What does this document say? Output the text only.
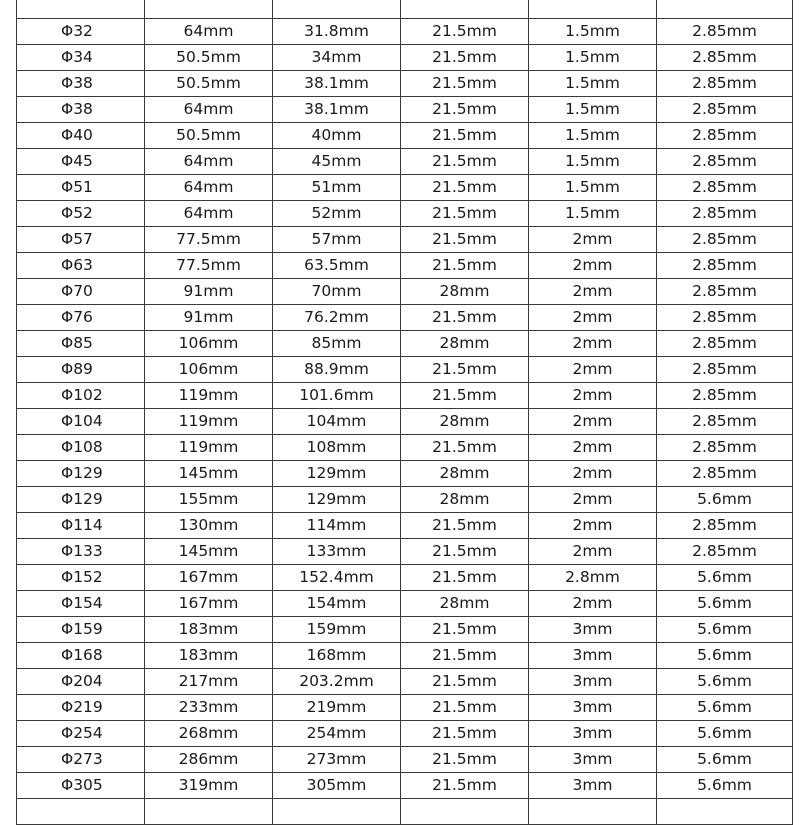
Φ32	64mm	31.8mm	21.5mm	1.5mm	2.85mm
Φ34	50.5mm	34mm	21.5mm	1.5mm	2.85mm
Φ38	50.5mm	38.1mm	21.5mm	1.5mm	2.85mm
Φ38	64mm	38.1mm	21.5mm	1.5mm	2.85mm
Φ40	50.5mm	40mm	21.5mm	1.5mm	2.85mm
Φ45	64mm	45mm	21.5mm	1.5mm	2.85mm
Φ51	64mm	51mm	21.5mm	1.5mm	2.85mm
Φ52	64mm	52mm	21.5mm	1.5mm	2.85mm
Φ57	77.5mm	57mm	21.5mm	2mm	2.85mm
Φ63	77.5mm	63.5mm	21.5mm	2mm	2.85mm
Φ70	91mm	70mm	28mm	2mm	2.85mm
Φ76	91mm	76.2mm	21.5mm	2mm	2.85mm
Φ85	106mm	85mm	28mm	2mm	2.85mm
Φ89	106mm	88.9mm	21.5mm	2mm	2.85mm
Φ102	119mm	101.6mm	21.5mm	2mm	2.85mm
Φ104	119mm	104mm	28mm	2mm	2.85mm
Φ108	119mm	108mm	21.5mm	2mm	2.85mm
Φ129	145mm	129mm	28mm	2mm	2.85mm
Φ129	155mm	129mm	28mm	2mm	5.6mm
Φ114	130mm	114mm	21.5mm	2mm	2.85mm
Φ133	145mm	133mm	21.5mm	2mm	2.85mm
Φ152	167mm	152.4mm	21.5mm	2.8mm	5.6mm
Φ154	167mm	154mm	28mm	2mm	5.6mm
Φ159	183mm	159mm	21.5mm	3mm	5.6mm
Φ168	183mm	168mm	21.5mm	3mm	5.6mm
Φ204	217mm	203.2mm	21.5mm	3mm	5.6mm
Φ219	233mm	219mm	21.5mm	3mm	5.6mm
Φ254	268mm	254mm	21.5mm	3mm	5.6mm
Φ273	286mm	273mm	21.5mm	3mm	5.6mm
Φ305	319mm	305mm	21.5mm	3mm	5.6mm
